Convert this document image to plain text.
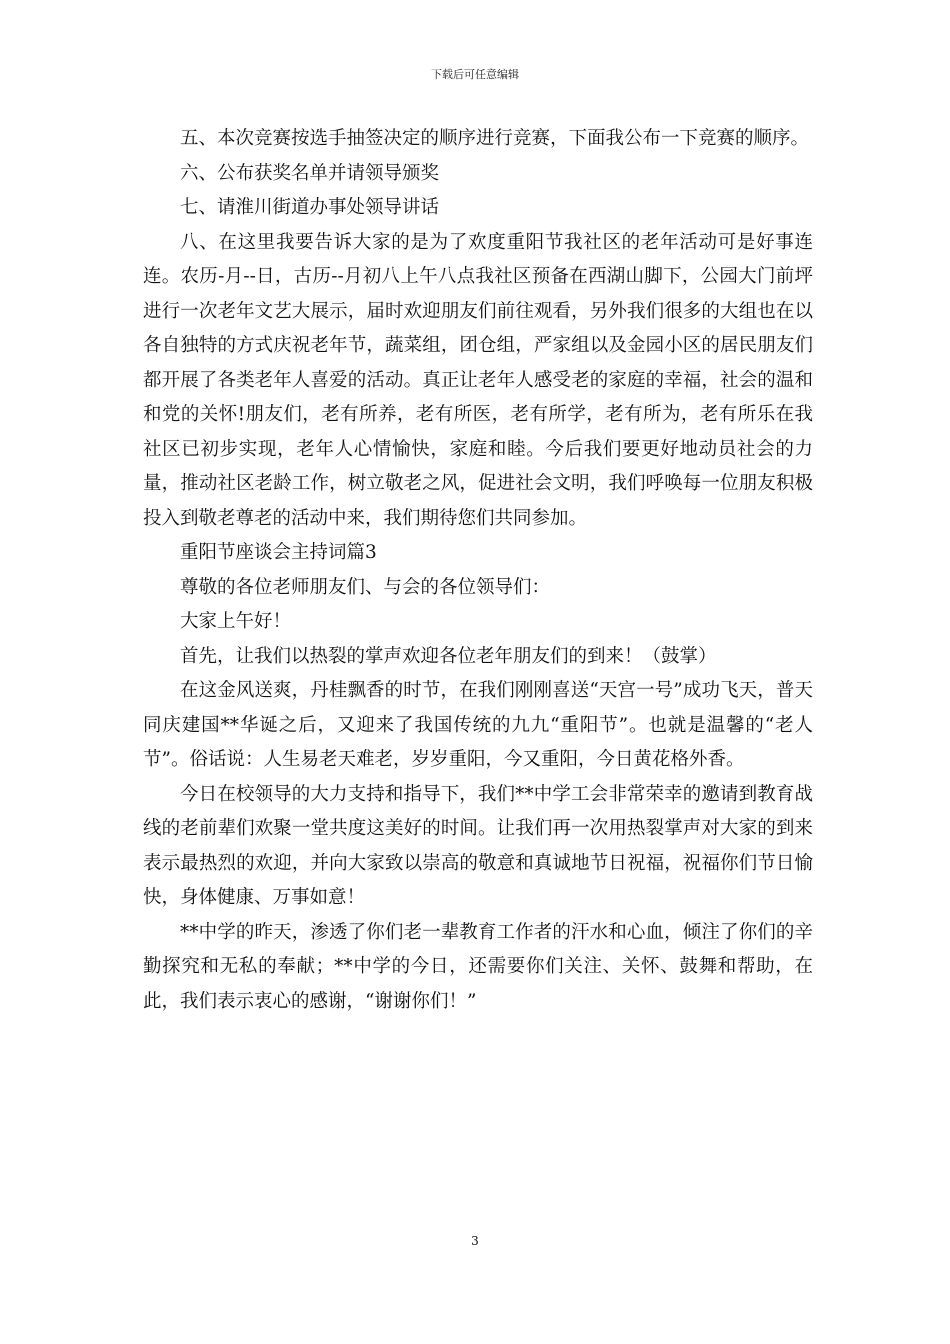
下载后可任意编辑

五、本次竞赛按选手抽签决定的顺序进行竞赛，下面我公布一下竞赛的顺序。

六、公布获奖名单并请领导颁奖

七、请淮川街道办事处领导讲话

八、在这里我要告诉大家的是为了欢度重阳节我社区的老年活动可是好事连连。农历-月--日，古历--月初八上午八点我社区预备在西湖山脚下，公园大门前坪进行一次老年文艺大展示，届时欢迎朋友们前往观看，另外我们很多的大组也在以各自独特的方式庆祝老年节，蔬菜组，团仓组，严家组以及金园小区的居民朋友们都开展了各类老年人喜爱的活动。真正让老年人感受老的家庭的幸福，社会的温和和党的关怀!朋友们，老有所养，老有所医，老有所学，老有所为，老有所乐在我社区已初步实现，老年人心情愉快，家庭和睦。今后我们要更好地动员社会的力量，推动社区老龄工作，树立敬老之风，促进社会文明，我们呼唤每一位朋友积极投入到敬老尊老的活动中来，我们期待您们共同参加。

重阳节座谈会主持词篇3

尊敬的各位老师朋友们、与会的各位领导们：

大家上午好！

首先，让我们以热裂的掌声欢迎各位老年朋友们的到来！（鼓掌）

在这金风送爽，丹桂飘香的时节，在我们刚刚喜送“天宫一号”成功飞天，普天同庆建国**华诞之后，又迎来了我国传统的九九“重阳节”。也就是温馨的“老人节”。俗话说：人生易老天难老，岁岁重阳，今又重阳，今日黄花格外香。

今日在校领导的大力支持和指导下，我们**中学工会非常荣幸的邀请到教育战线的老前辈们欢聚一堂共度这美好的时间。让我们再一次用热裂掌声对大家的到来表示最热烈的欢迎，并向大家致以崇高的敬意和真诚地节日祝福，祝福你们节日愉快，身体健康、万事如意！

**中学的昨天，渗透了你们老一辈教育工作者的汗水和心血，倾注了你们的辛勤探究和无私的奉献；**中学的今日，还需要你们关注、关怀、鼓舞和帮助，在此，我们表示衷心的感谢，“谢谢你们！”

3
